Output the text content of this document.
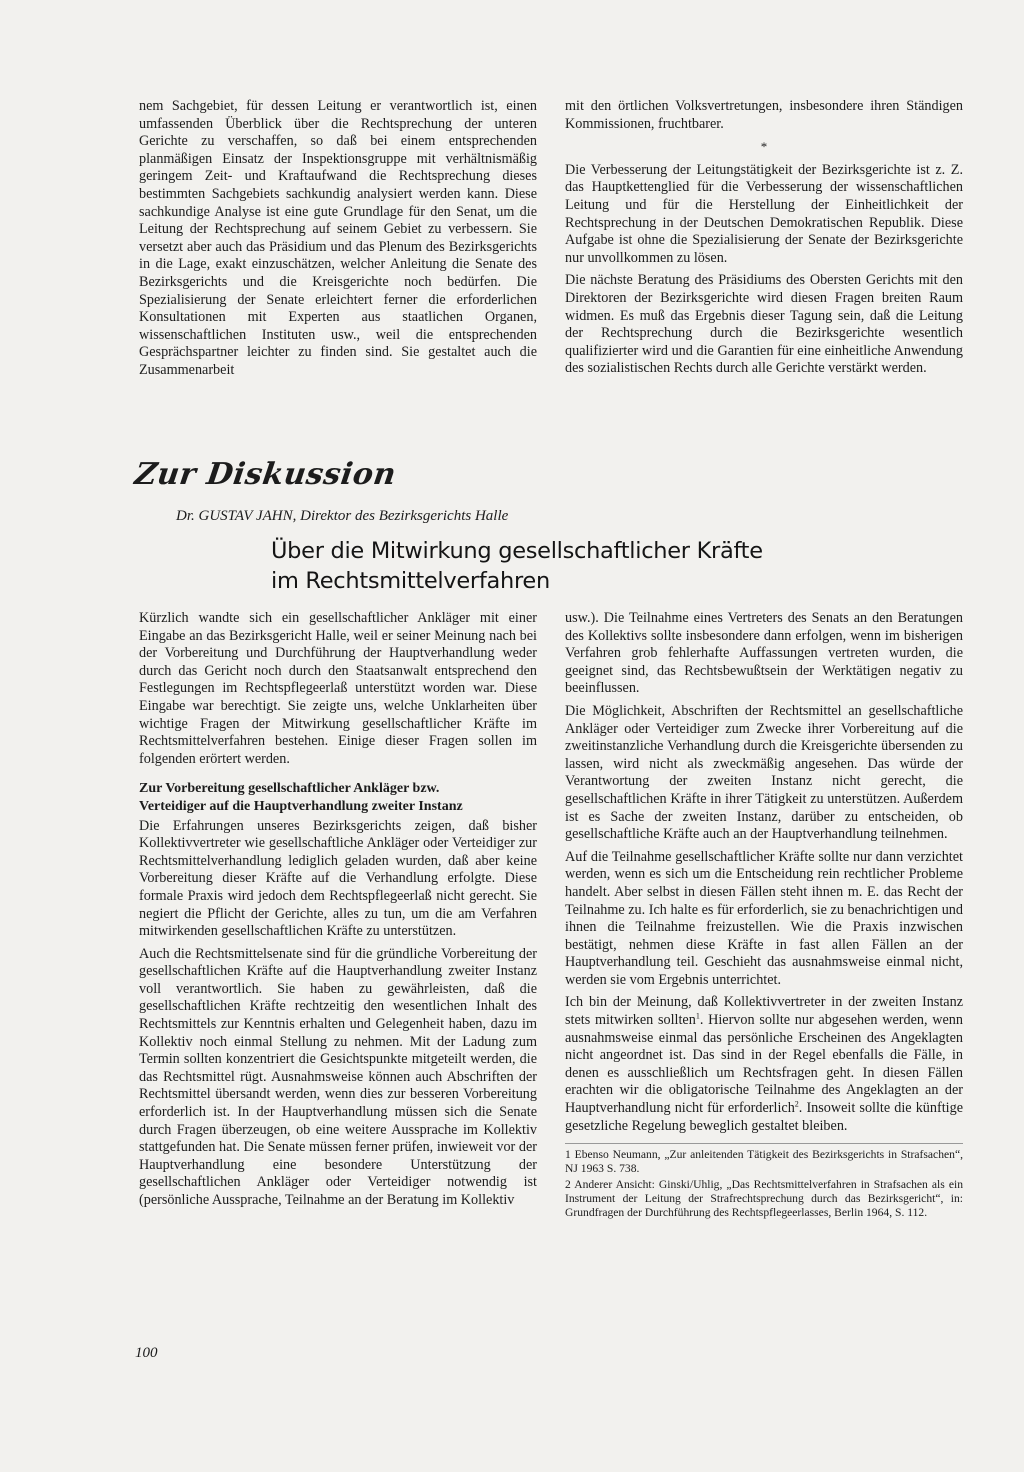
nem Sachgebiet, für dessen Leitung er verantwortlich ist, einen umfassenden Überblick über die Rechtsprechung der unteren Gerichte zu verschaffen, so daß bei einem entsprechenden planmäßigen Einsatz der Inspektionsgruppe mit verhältnismäßig geringem Zeit- und Kraftaufwand die Rechtsprechung dieses bestimmten Sachgebiets sachkundig analysiert werden kann. Diese sachkundige Analyse ist eine gute Grundlage für den Senat, um die Leitung der Rechtsprechung auf seinem Gebiet zu verbessern. Sie versetzt aber auch das Präsidium und das Plenum des Bezirksgerichts in die Lage, exakt einzuschätzen, welcher Anleitung die Senate des Bezirksgerichts und die Kreisgerichte noch bedürfen. Die Spezialisierung der Senate erleichtert ferner die erforderlichen Konsultationen mit Experten aus staatlichen Organen, wissenschaftlichen Instituten usw., weil die entsprechenden Gesprächspartner leichter zu finden sind. Sie gestaltet auch die Zusammenarbeit

mit den örtlichen Volksvertretungen, insbesondere ihren Ständigen Kommissionen, fruchtbarer.

*

Die Verbesserung der Leitungstätigkeit der Bezirksgerichte ist z. Z. das Hauptkettenglied für die Verbesserung der wissenschaftlichen Leitung und für die Herstellung der Einheitlichkeit der Rechtsprechung in der Deutschen Demokratischen Republik. Diese Aufgabe ist ohne die Spezialisierung der Senate der Bezirksgerichte nur unvollkommen zu lösen.

Die nächste Beratung des Präsidiums des Obersten Gerichts mit den Direktoren der Bezirksgerichte wird diesen Fragen breiten Raum widmen. Es muß das Ergebnis dieser Tagung sein, daß die Leitung der Rechtsprechung durch die Bezirksgerichte wesentlich qualifizierter wird und die Garantien für eine einheitliche Anwendung des sozialistischen Rechts durch alle Gerichte verstärkt werden.

Zur Diskussion
Dr. GUSTAV JAHN, Direktor des Bezirksgerichts Halle
Über die Mitwirkung gesellschaftlicher Kräfte
im Rechtsmittelverfahren

Kürzlich wandte sich ein gesellschaftlicher Ankläger mit einer Eingabe an das Bezirksgericht Halle, weil er seiner Meinung nach bei der Vorbereitung und Durchführung der Hauptverhandlung weder durch das Gericht noch durch den Staatsanwalt entsprechend den Festlegungen im Rechtspflegeerlaß unterstützt worden war. Diese Eingabe war berechtigt. Sie zeigte uns, welche Unklarheiten über wichtige Fragen der Mitwirkung gesellschaftlicher Kräfte im Rechtsmittelverfahren bestehen. Einige dieser Fragen sollen im folgenden erörtert werden.

Zur Vorbereitung gesellschaftlicher Ankläger bzw.
Verteidiger auf die Hauptverhandlung zweiter Instanz

Die Erfahrungen unseres Bezirksgerichts zeigen, daß bisher Kollektivvertreter wie gesellschaftliche Ankläger oder Verteidiger zur Rechtsmittelverhandlung lediglich geladen wurden, daß aber keine Vorbereitung dieser Kräfte auf die Verhandlung erfolgte. Diese formale Praxis wird jedoch dem Rechtspflegeerlaß nicht gerecht. Sie negiert die Pflicht der Gerichte, alles zu tun, um die am Verfahren mitwirkenden gesellschaftlichen Kräfte zu unterstützen.

Auch die Rechtsmittelsenate sind für die gründliche Vorbereitung der gesellschaftlichen Kräfte auf die Hauptverhandlung zweiter Instanz voll verantwortlich. Sie haben zu gewährleisten, daß die gesellschaftlichen Kräfte rechtzeitig den wesentlichen Inhalt des Rechtsmittels zur Kenntnis erhalten und Gelegenheit haben, dazu im Kollektiv noch einmal Stellung zu nehmen. Mit der Ladung zum Termin sollten konzentriert die Gesichtspunkte mitgeteilt werden, die das Rechtsmittel rügt. Ausnahmsweise können auch Abschriften der Rechtsmittel übersandt werden, wenn dies zur besseren Vorbereitung erforderlich ist. In der Hauptverhandlung müssen sich die Senate durch Fragen überzeugen, ob eine weitere Aussprache im Kollektiv stattgefunden hat. Die Senate müssen ferner prüfen, inwieweit vor der Hauptverhandlung eine besondere Unterstützung der gesellschaftlichen Ankläger oder Verteidiger notwendig ist (persönliche Aussprache, Teilnahme an der Beratung im Kollektiv

usw.). Die Teilnahme eines Vertreters des Senats an den Beratungen des Kollektivs sollte insbesondere dann erfolgen, wenn im bisherigen Verfahren grob fehlerhafte Auffassungen vertreten wurden, die geeignet sind, das Rechtsbewußtsein der Werktätigen negativ zu beeinflussen.

Die Möglichkeit, Abschriften der Rechtsmittel an gesellschaftliche Ankläger oder Verteidiger zum Zwecke ihrer Vorbereitung auf die zweitinstanzliche Verhandlung durch die Kreisgerichte übersenden zu lassen, wird nicht als zweckmäßig angesehen. Das würde der Verantwortung der zweiten Instanz nicht gerecht, die gesellschaftlichen Kräfte in ihrer Tätigkeit zu unterstützen. Außerdem ist es Sache der zweiten Instanz, darüber zu entscheiden, ob gesellschaftliche Kräfte auch an der Hauptverhandlung teilnehmen.

Auf die Teilnahme gesellschaftlicher Kräfte sollte nur dann verzichtet werden, wenn es sich um die Entscheidung rein rechtlicher Probleme handelt. Aber selbst in diesen Fällen steht ihnen m. E. das Recht der Teilnahme zu. Ich halte es für erforderlich, sie zu benachrichtigen und ihnen die Teilnahme freizustellen. Wie die Praxis inzwischen bestätigt, nehmen diese Kräfte in fast allen Fällen an der Hauptverhandlung teil. Geschieht das ausnahmsweise einmal nicht, werden sie vom Ergebnis unterrichtet.

Ich bin der Meinung, daß Kollektivvertreter in der zweiten Instanz stets mitwirken sollten$^1$. Hiervon sollte nur abgesehen werden, wenn ausnahmsweise einmal das persönliche Erscheinen des Angeklagten nicht angeordnet ist. Das sind in der Regel ebenfalls die Fälle, in denen es ausschließlich um Rechtsfragen geht. In diesen Fällen erachten wir die obligatorische Teilnahme des Angeklagten an der Hauptverhandlung nicht für erforderlich$^2$. Insoweit sollte die künftige gesetzliche Regelung beweglich gestaltet bleiben.

1 Ebenso Neumann, „Zur anleitenden Tätigkeit des Bezirksgerichts in Strafsachen“, NJ 1963 S. 738.

2 Anderer Ansicht: Ginski/Uhlig, „Das Rechtsmittelverfahren in Strafsachen als ein Instrument der Leitung der Strafrechtsprechung durch das Bezirksgericht“, in: Grundfragen der Durchführung des Rechtspflegeerlasses, Berlin 1964, S. 112.

100
